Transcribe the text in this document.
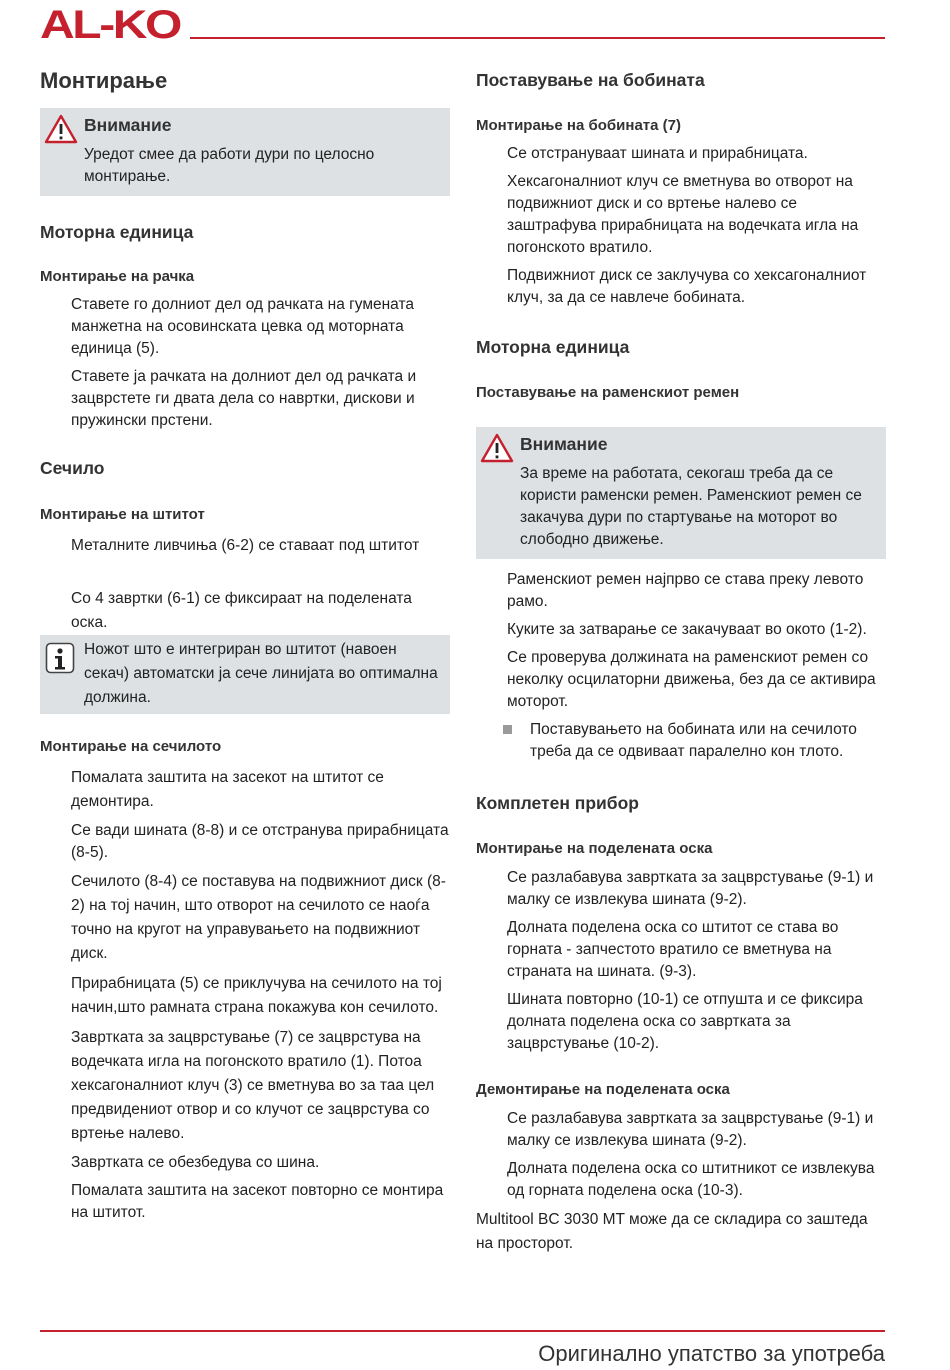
AL-KO
Монтирање
Внимание
Уредот смее да работи дури по целосно монтирање.
Моторна единица
Монтирање на рачка

Ставете го долниот дел од рачката на гумената манжетна на осовинската цевка од моторната единица (5).

Ставете ја рачката на долниот дел од рачката и зацврстете ги двата дела со навртки, дискови и пружински прстени.

Сечило
Монтирање на штитот

Металните ливчиња (6-2) се ставаат под штитот

Со 4 завртки (6-1) се фиксираат на поделената оска.

Ножот што е интегриран во штитот (навоен секач) автоматски ја сече линијата во оптимална должина.

Монтирање на сечилото

Помалата заштита на засекот на штитот се демонтира.

Се вади шината (8-8) и се отстранува прирабницата (8-5).

Сечилото (8-4) се поставува на подвижниот диск (8-2) на тој начин, што отворот на сечилото се наоѓа точно на кругот на управувањето на подвижниот диск.

Прирабницата (5) се приклучува на сечилото на тој начин,што рамната страна покажува кон сечилото.

Завртката за зацврстување (7) се зацврстува на водечката игла на погонското вратило (1). Потоа хексагоналниот клуч (3) се вметнува во за таа цел предвидениот отвор и со клучот се зацврстува со вртење налево.

Завртката се обезбедува со шина.

Помалата заштита на засекот повторно се монтира на штитот.

Поставување на бобината
Монтирање на бобината (7)

Се отстрануваат шината и прирабницата.

Хексагоналниот клуч се вметнува во отворот на подвижниот диск и со вртење налево се заштрафува прирабницата на водечката игла на погонското вратило.

Подвижниот диск се заклучува со хексагоналниот клуч, за да се навлече бобината.

Моторна единица
Поставување на раменскиот ремен
Внимание
За време на работата, секогаш треба да се користи раменски ремен. Раменскиот ремен се закачува дури по стартување на моторот во слободно движење.

Раменскиот ремен најпрво се става преку левото рамо.

Куките за затварање се закачуваат во окото (1-2).

Се проверува должината на раменскиот ремен со неколку осцилаторни движења, без да се активира моторот.

Поставувањето на бобината или на сечилото треба да се одвиваат паралелно кон тлото.

Комплетен прибор
Монтирање на поделената оска

Се разлабавува завртката за зацврстување (9-1) и малку се извлекува шината (9-2).

Долната поделена оска со штитот се става во горната - запчестото вратило се вметнува на страната на шината. (9-3).

Шината повторно (10-1) се отпушта и се фиксира долната поделена оска со завртката за зацврстување (10-2).

Демонтирање на поделената оска

Се разлабавува завртката за зацврстување (9-1) и малку се извлекува шината (9-2).

Долната поделена оска со штитникот се извлекува од горната поделена оска (10-3).

Multitool BC 3030 MT може да се складира со заштеда на просторот.

Оригинално упатство за употреба
